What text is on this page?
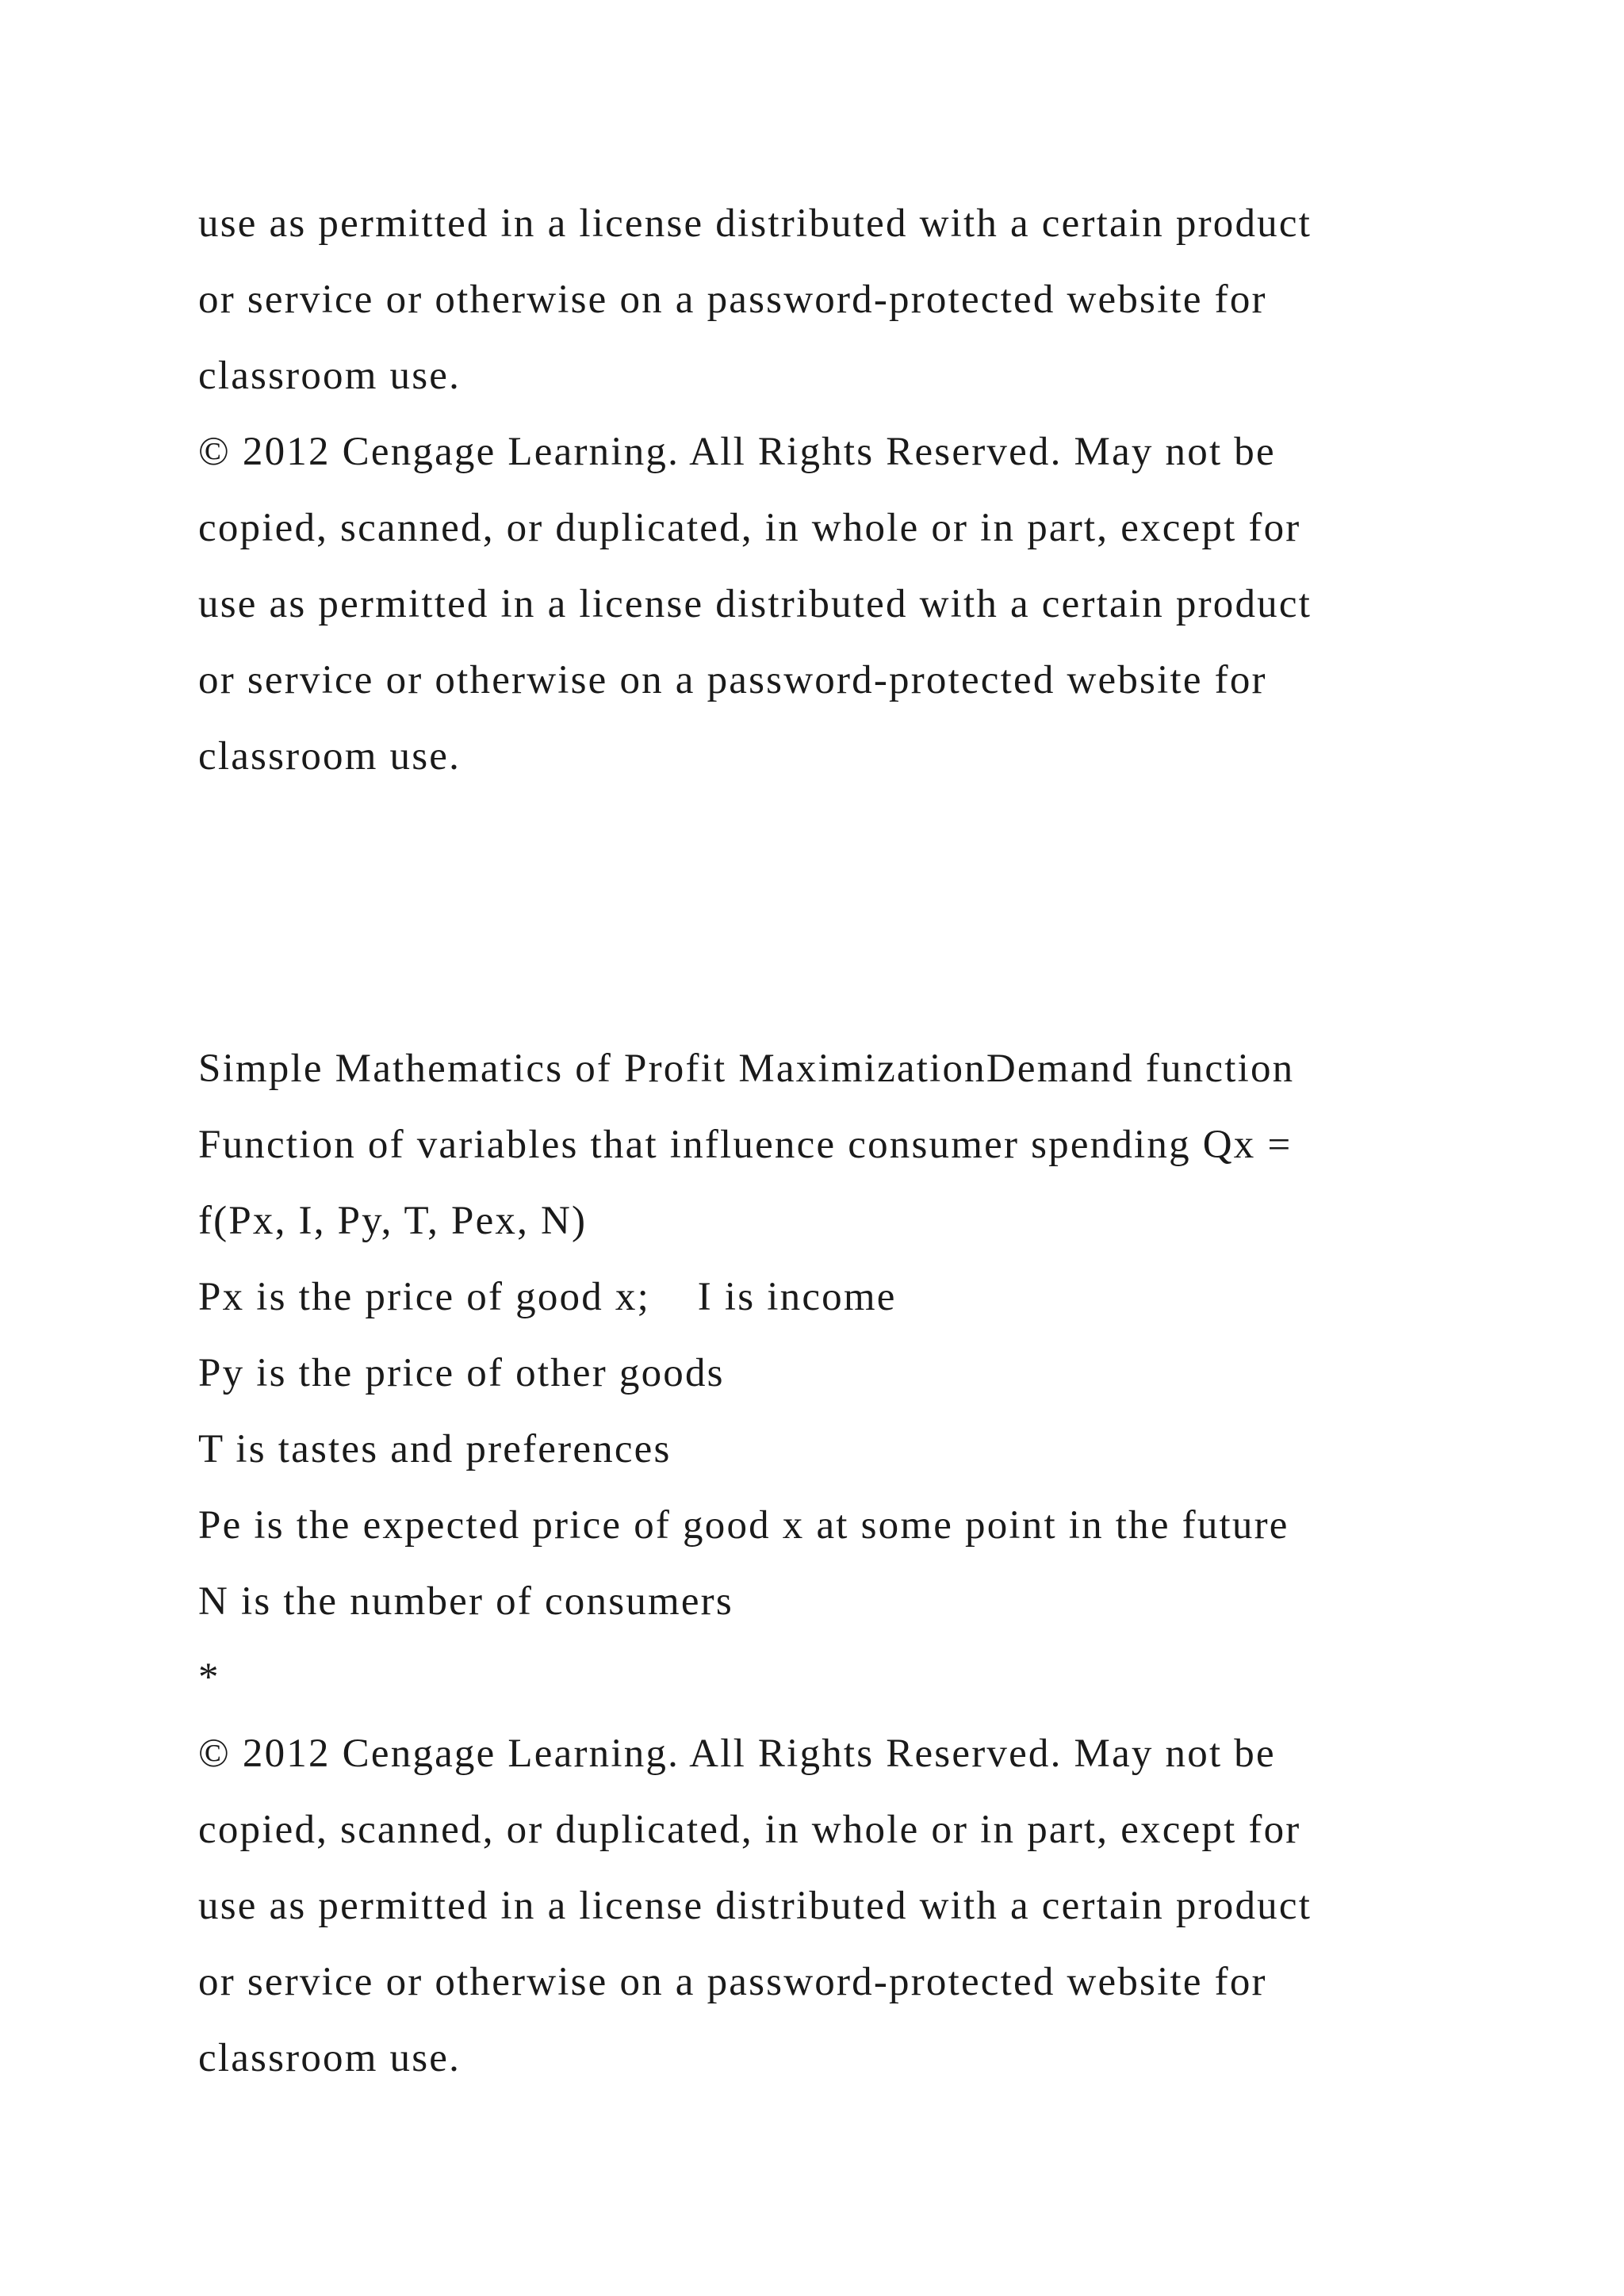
use as permitted in a license distributed with a certain product
or service or otherwise on a password-protected website for
classroom use.
© 2012 Cengage Learning. All Rights Reserved. May not be
copied, scanned, or duplicated, in whole or in part, except for
use as permitted in a license distributed with a certain product
or service or otherwise on a password-protected website for
classroom use.
Simple Mathematics of Profit MaximizationDemand function
Function of variables that influence consumer spending Qx =
f(Px, I, Py, T, Pex, N)
Px is the price of good x;    I is income
Py is the price of other goods
T is tastes and preferences
Pe is the expected price of good x at some point in the future
N is the number of consumers
*
© 2012 Cengage Learning. All Rights Reserved. May not be
copied, scanned, or duplicated, in whole or in part, except for
use as permitted in a license distributed with a certain product
or service or otherwise on a password-protected website for
classroom use.
